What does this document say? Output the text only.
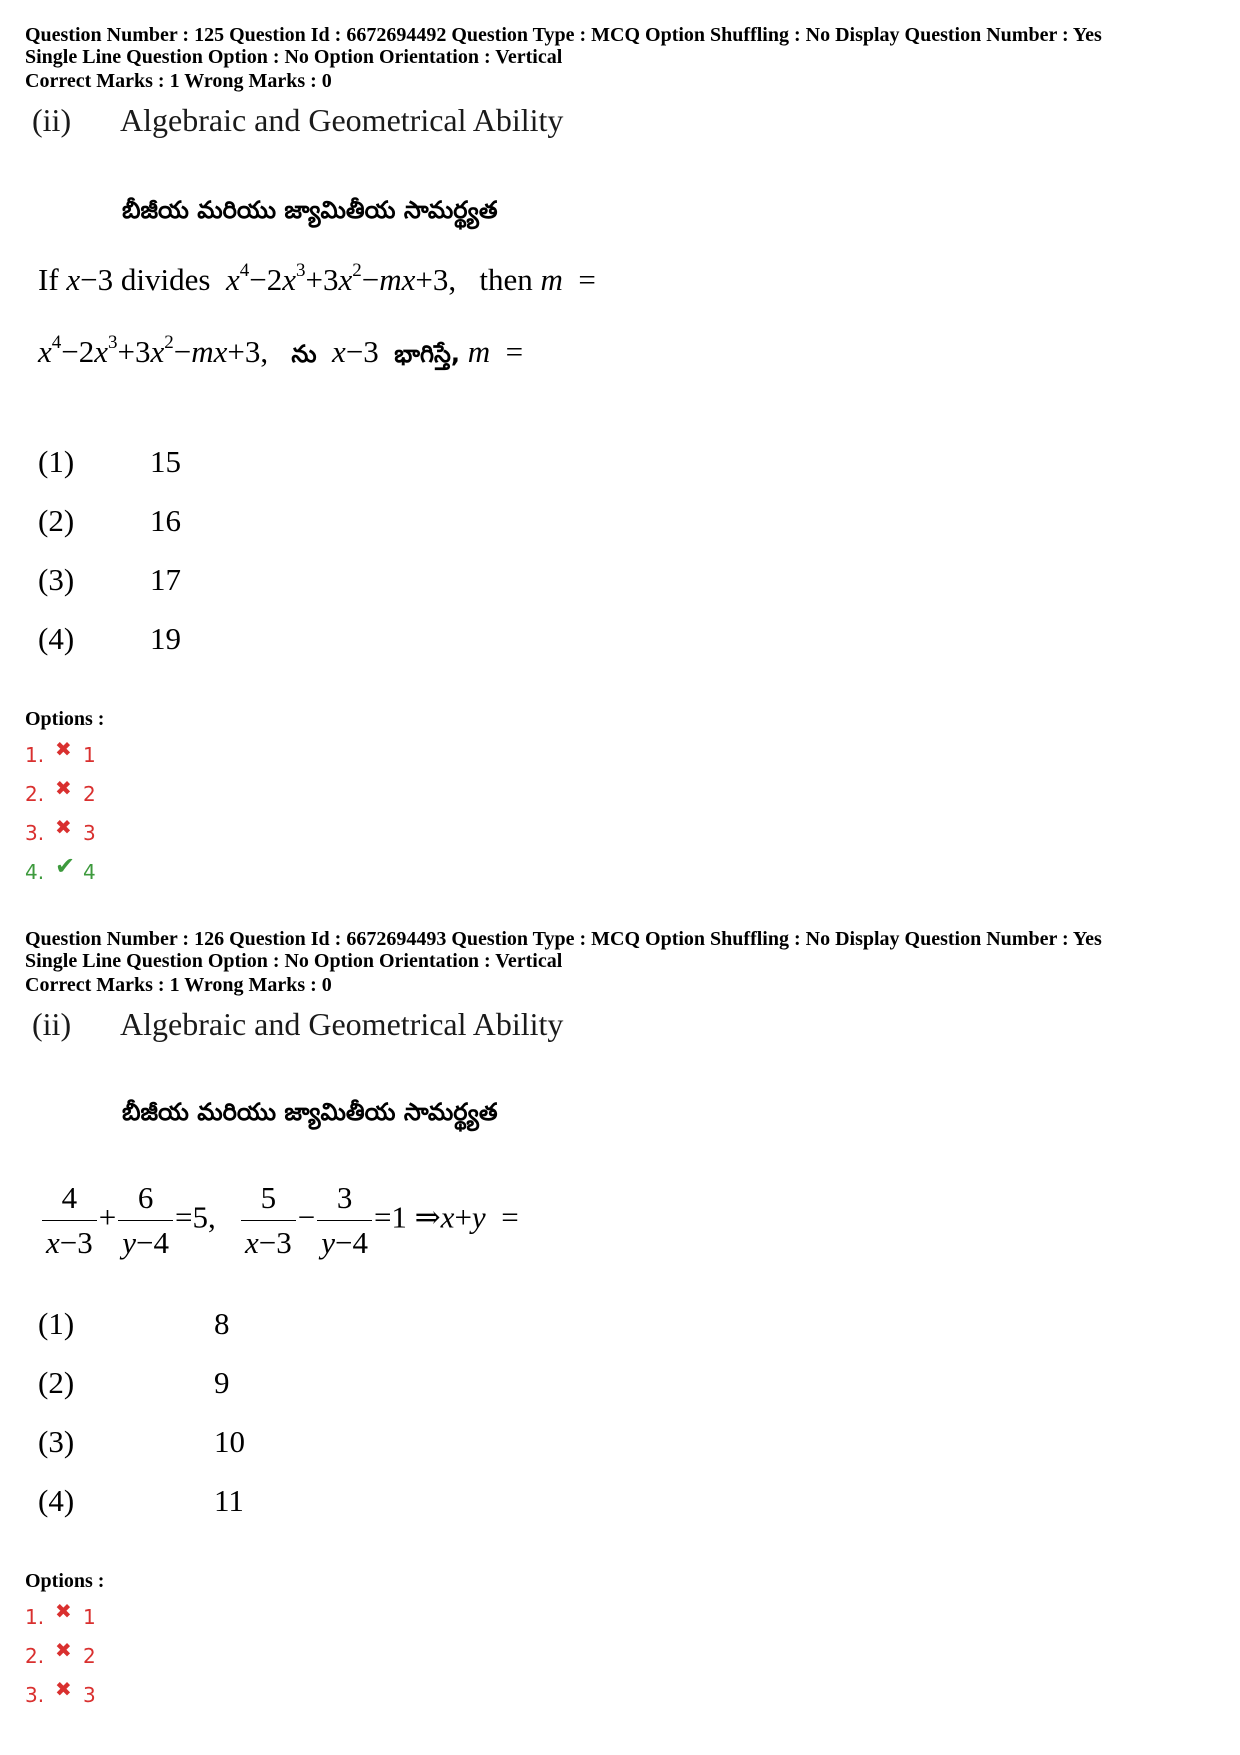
Question Number : 125 Question Id : 6672694492 Question Type : MCQ Option Shuffling : No Display Question Number : Yes
Single Line Question Option : No Option Orientation : Vertical
Correct Marks : 1 Wrong Marks : 0
(ii) Algebraic and Geometrical Ability
బీజీయ మరియు జ్యామితీయ సామర్థ్యత
If x−3 divides $x^4-2x^3+3x^2-mx+3$,   then m  =
$x^4-2x^3+3x^2-mx+3$,   ను x−3  భాగిస్తే, m  =
(1) 15
(2) 16
(3) 17
(4) 19
Options :
1. ✖ 1
2. ✖ 2
3. ✖ 3
4. ✔ 4
Question Number : 126 Question Id : 6672694493 Question Type : MCQ Option Shuffling : No Display Question Number : Yes
Single Line Question Option : No Option Orientation : Vertical
Correct Marks : 1 Wrong Marks : 0
(ii) Algebraic and Geometrical Ability
బీజీయ మరియు జ్యామితీయ సామర్థ్యత
$\frac{4}{x-3} + \frac{6}{y-4} =5$, $\frac{5}{x-3} - \frac{3}{y-4} =1$ ⇒x+y  =
(1)	8
(2)	9
(3)	10
(4)	11
Options :
1. ✖ 1
2. ✖ 2
3. ✖ 3
